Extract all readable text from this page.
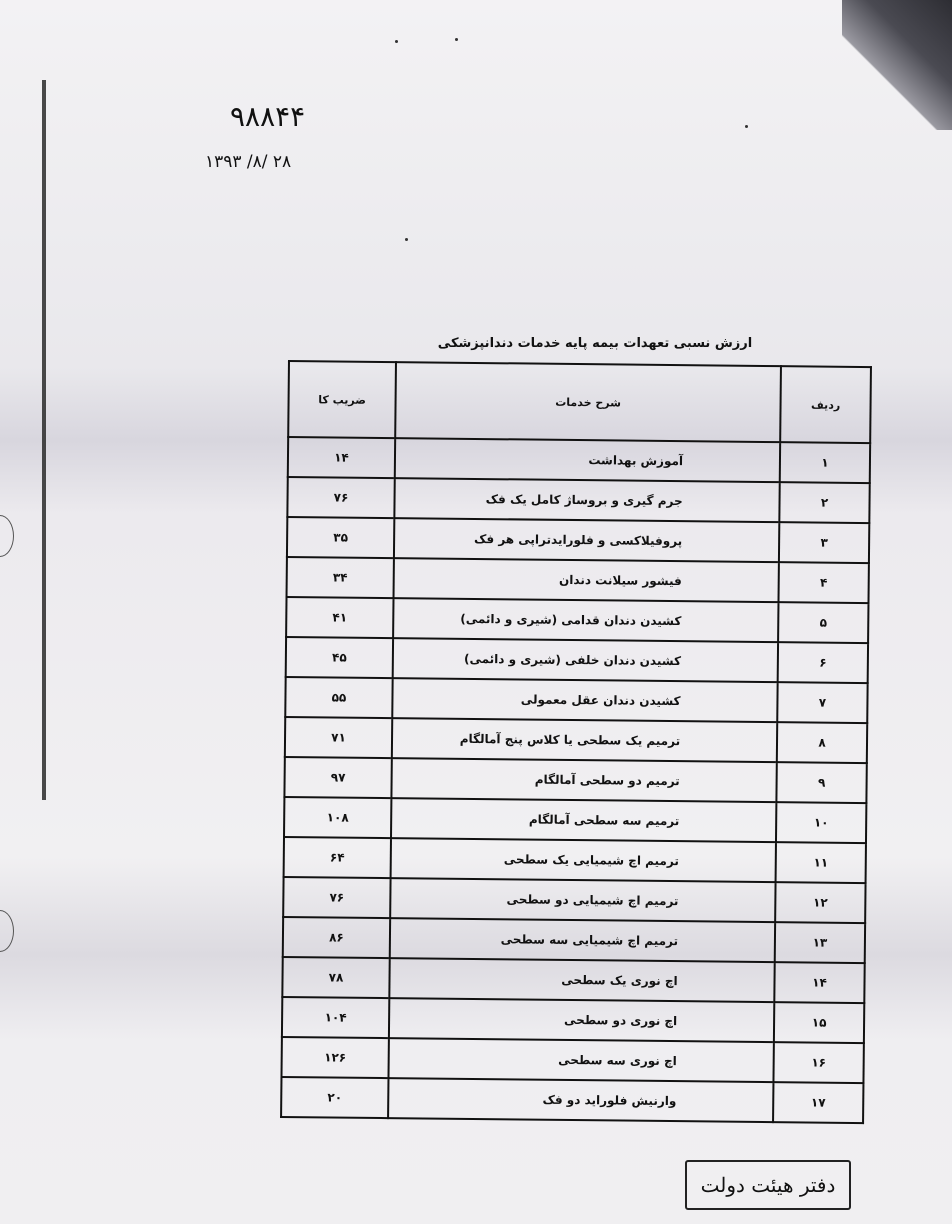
۹۸۸۴۴
۱۳۹۳ /۸/ ۲۸
ارزش نسبی تعهدات بیمه پایه خدمات دندانپزشکی
ردیف	شرح خدمات	ضریب کا
۱	آموزش بهداشت	۱۴
۲	جرم گیری و بروساژ کامل یک فک	۷۶
۳	پروفیلاکسی و فلورایدتراپی هر فک	۳۵
۴	فیشور سیلانت دندان	۳۴
۵	کشیدن دندان قدامی (شیری و دائمی)	۴۱
۶	کشیدن دندان خلفی (شیری و دائمی)	۴۵
۷	کشیدن دندان عقل معمولی	۵۵
۸	ترمیم یک سطحی یا کلاس پنج آمالگام	۷۱
۹	ترمیم دو سطحی آمالگام	۹۷
۱۰	ترمیم سه سطحی آمالگام	۱۰۸
۱۱	ترمیم اچ شیمیایی یک سطحی	۶۴
۱۲	ترمیم اچ شیمیایی دو سطحی	۷۶
۱۳	ترمیم اچ شیمیایی سه سطحی	۸۶
۱۴	اچ نوری یک سطحی	۷۸
۱۵	اچ نوری دو سطحی	۱۰۴
۱۶	اچ نوری سه سطحی	۱۲۶
۱۷	وارنیش فلوراید دو فک	۲۰
دفتر هیئت دولت
